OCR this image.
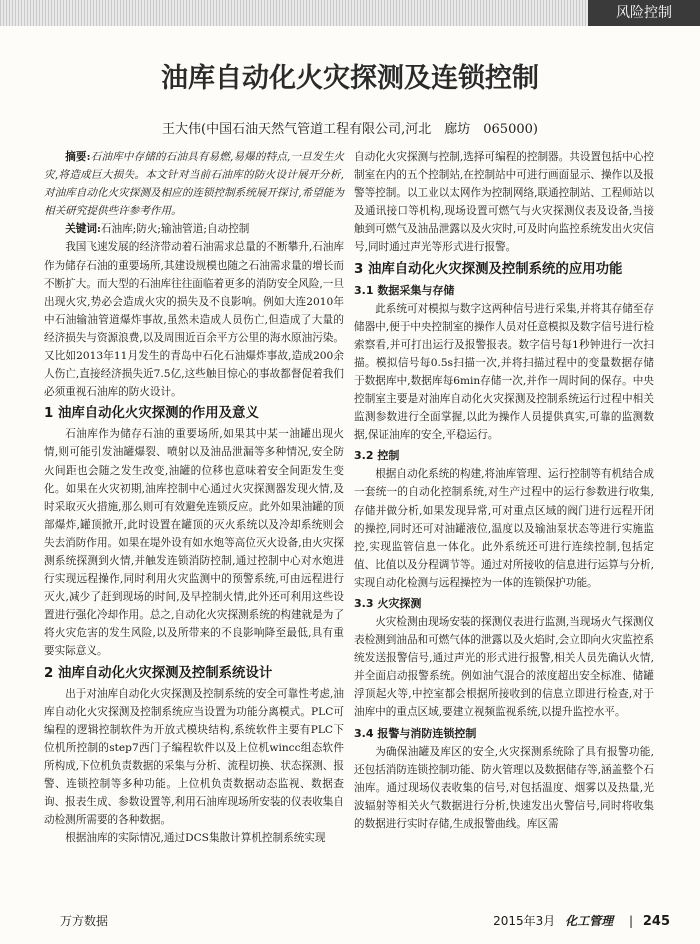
风险控制
油库自动化火灾探测及连锁控制
王大伟(中国石油天然气管道工程有限公司,河北　廊坊　065000)

摘要:石油库中存储的石油具有易燃,易爆的特点,一旦发生火灾,将造成巨大损失。本文针对当前石油库的防火设计展开分析,对油库自动化火灾探测及相应的连锁控制系统展开探讨,希望能为相关研究提供些许参考作用。

关键词:石油库;防火;输油管道;自动控制

我国飞速发展的经济带动着石油需求总量的不断攀升,石油库作为储存石油的重要场所,其建设规模也随之石油需求量的增长而不断扩大。而大型的石油库往往面临着更多的消防安全风险,一旦出现火灾,势必会造成火灾的损失及不良影响。例如大连2010年中石油输油管道爆炸事故,虽然未造成人员伤亡,但造成了大量的经济损失与资源浪费,以及周围近百余平方公里的海水原油污染。又比如2013年11月发生的青岛中石化石油爆炸事故,造成200余人伤亡,直接经济损失近7.5亿,这些触目惊心的事故都督促着我们必须重视石油库的防火设计。

1 油库自动化火灾探测的作用及意义

石油库作为储存石油的重要场所,如果其中某一油罐出现火情,则可能引发油罐爆裂、喷射以及油品泄漏等多种情况,安全防火间距也会随之发生改变,油罐的位移也意味着安全间距发生变化。如果在火灾初期,油库控制中心通过火灾探测器发现火情,及时采取灭火措施,那么则可有效避免连锁反应。此外如果油罐的顶部爆炸,罐顶掀开,此时设置在罐顶的灭火系统以及冷却系统则会失去消防作用。如果在堤外设有如水炮等高位灭火设备,由火灾探测系统探测到火情,并触发连锁消防控制,通过控制中心对水炮进行实现远程操作,同时利用火灾监测中的预警系统,可由远程进行灭火,减少了赶到现场的时间,及早控制火情,此外还可利用这些设置进行强化冷却作用。总之,自动化火灾探测系统的构建就是为了将火灾危害的发生风险,以及所带来的不良影响降至最低,具有重要实际意义。

2 油库自动化火灾探测及控制系统设计

出于对油库自动化火灾探测及控制系统的安全可靠性考虑,油库自动化火灾探测及控制系统应当设置为功能分离模式。PLC可编程的逻辑控制软件为开放式模块结构,系统软件主要有PLC下位机所控制的step7西门子编程软件以及上位机wincc组态软件所构成,下位机负责数据的采集与分析、流程切换、状态探测、报警、连锁控制等多种功能。上位机负责数据动态监视、数据查询、报表生成、参数设置等,利用石油库现场所安装的仪表收集自动检测所需要的各种数据。

根据油库的实际情况,通过DCS集散计算机控制系统实现

自动化火灾探测与控制,选择可编程的控制器。共设置包括中心控制室在内的五个控制站,在控制站中可进行画面显示、操作以及报警等控制。以工业以太网作为控制网络,联通控制站、工程师站以及通讯接口等机构,现场设置可燃气与火灾探测仪表及设备,当接触到可燃气及油品泄露以及火灾时,可及时向监控系统发出火灾信号,同时通过声光等形式进行报警。

3 油库自动化火灾探测及控制系统的应用功能
3.1 数据采集与存储

此系统可对模拟与数字这两种信号进行采集,并将其存储至存储器中,便于中央控制室的操作人员对任意模拟及数字信号进行检索察看,并可打出运行及报警报表。数字信号每1秒钟进行一次扫描。模拟信号每0.5s扫描一次,并将扫描过程中的变量数据存储于数据库中,数据库每6min存储一次,并作一周时间的保存。中央控制室主要是对油库自动化火灾探测及控制系统运行过程中相关监测参数进行全面掌握,以此为操作人员提供真实,可靠的监测数据,保证油库的安全,平稳运行。

3.2 控制

根据自动化系统的构建,将油库管理、运行控制等有机结合成一套统一的自动化控制系统,对生产过程中的运行参数进行收集,存储并做分析,如果发现异常,可对重点区域的阀门进行远程开闭的操控,同时还可对油罐液位,温度以及输油泵状态等进行实施监控,实现监管信息一体化。此外系统还可进行连续控制,包括定值、比值以及分程调节等。通过对所接收的信息进行运算与分析,实现自动化检测与远程操控为一体的连锁保护功能。

3.3 火灾探测

火灾检测由现场安装的探测仪表进行监测,当现场火气探测仪表检测到油品和可燃气体的泄露以及火焰时,会立即向火灾监控系统发送报警信号,通过声光的形式进行报警,相关人员先确认火情,并全面启动报警系统。例如油气混合的浓度超出安全标准、储罐浮顶起火等,中控室都会根据所接收到的信息立即进行检查,对于油库中的重点区域,要建立视频监视系统,以提升监控水平。

3.4 报警与消防连锁控制

为确保油罐及库区的安全,火灾探测系统除了具有报警功能,还包括消防连锁控制功能、防火管理以及数据储存等,涵盖整个石油库。通过现场仪表收集的信号,对包括温度、烟雾以及热量,光波辐射等相关火气数据进行分析,快速发出火警信号,同时将收集的数据进行实时存储,生成报警曲线。库区需

万方数据	2015年3月 化工管理 | 245
